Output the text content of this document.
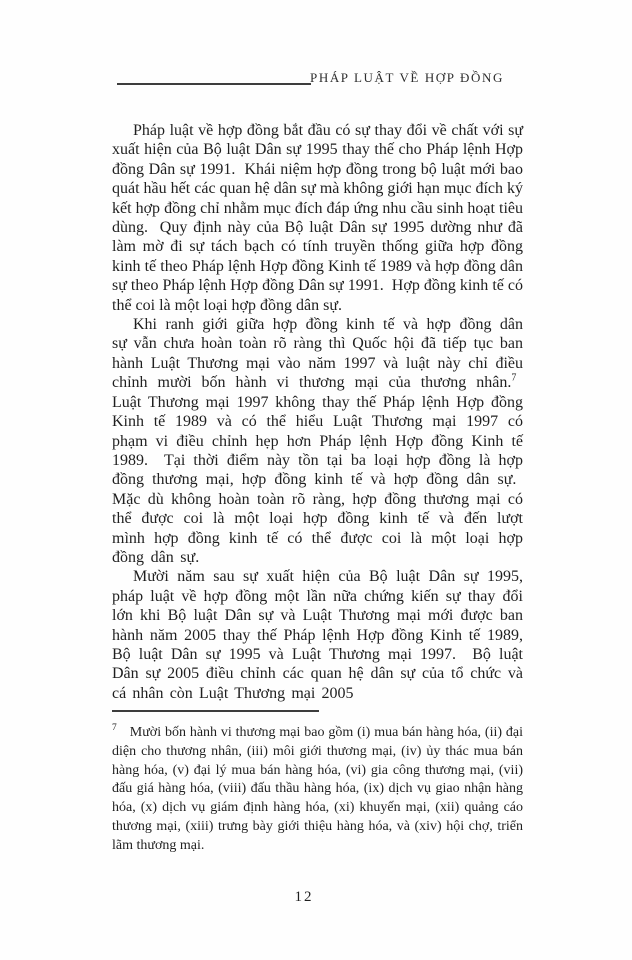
PHÁP LUẬT VỀ HỢP ĐỒNG

Pháp luật về hợp đồng bắt đầu có sự thay đổi về chất với sự xuất hiện của Bộ luật Dân sự 1995 thay thế cho Pháp lệnh Hợp đồng Dân sự 1991.  Khái niệm hợp đồng trong bộ luật mới bao quát hầu hết các quan hệ dân sự mà không giới hạn mục đích ký kết hợp đồng chỉ nhằm mục đích đáp ứng nhu cầu sinh hoạt tiêu dùng.  Quy định này của Bộ luật Dân sự 1995 dường như đã làm mờ đi sự tách bạch có tính truyền thống giữa hợp đồng kinh tế theo Pháp lệnh Hợp đồng Kinh tế 1989 và hợp đồng dân sự theo Pháp lệnh Hợp đồng Dân sự 1991.  Hợp đồng kinh tế có thể coi là một loại hợp đồng dân sự.

Khi ranh giới giữa hợp đồng kinh tế và hợp đồng dân sự vẫn chưa hoàn toàn rõ ràng thì Quốc hội đã tiếp tục ban hành Luật Thương mại vào năm 1997 và luật này chỉ điều chỉnh mười bốn hành vi thương mại của thương nhân.$^7$  Luật Thương mại 1997 không thay thế Pháp lệnh Hợp đồng Kinh tế 1989 và có thể hiểu Luật Thương mại 1997 có phạm vi điều chỉnh hẹp hơn Pháp lệnh Hợp đồng Kinh tế 1989.  Tại thời điểm này tồn tại ba loại hợp đồng là hợp đồng thương mại, hợp đồng kinh tế và hợp đồng dân sự.  Mặc dù không hoàn toàn rõ ràng, hợp đồng thương mại có thể được coi là một loại hợp đồng kinh tế và đến lượt mình hợp đồng kinh tế có thể được coi là một loại hợp đồng dân sự.

Mười năm sau sự xuất hiện của Bộ luật Dân sự 1995, pháp luật về hợp đồng một lần nữa chứng kiến sự thay đổi lớn khi Bộ luật Dân sự và Luật Thương mại mới được ban hành năm 2005 thay thế Pháp lệnh Hợp đồng Kinh tế 1989, Bộ luật Dân sự 1995 và Luật Thương mại 1997.  Bộ luật Dân sự 2005 điều chỉnh các quan hệ dân sự của tổ chức và cá nhân còn Luật Thương mại 2005

$^7$ Mười bốn hành vi thương mại bao gồm (i) mua bán hàng hóa, (ii) đại diện cho thương nhân, (iii) môi giới thương mại, (iv) ủy thác mua bán hàng hóa, (v) đại lý mua bán hàng hóa, (vi) gia công thương mại, (vii) đấu giá hàng hóa, (viii) đấu thầu hàng hóa, (ix) dịch vụ giao nhận hàng hóa, (x) dịch vụ giám định hàng hóa, (xi) khuyến mại, (xii) quảng cáo thương mại, (xiii) trưng bày giới thiệu hàng hóa, và (xiv) hội chợ, triển lãm thương mại.
12
